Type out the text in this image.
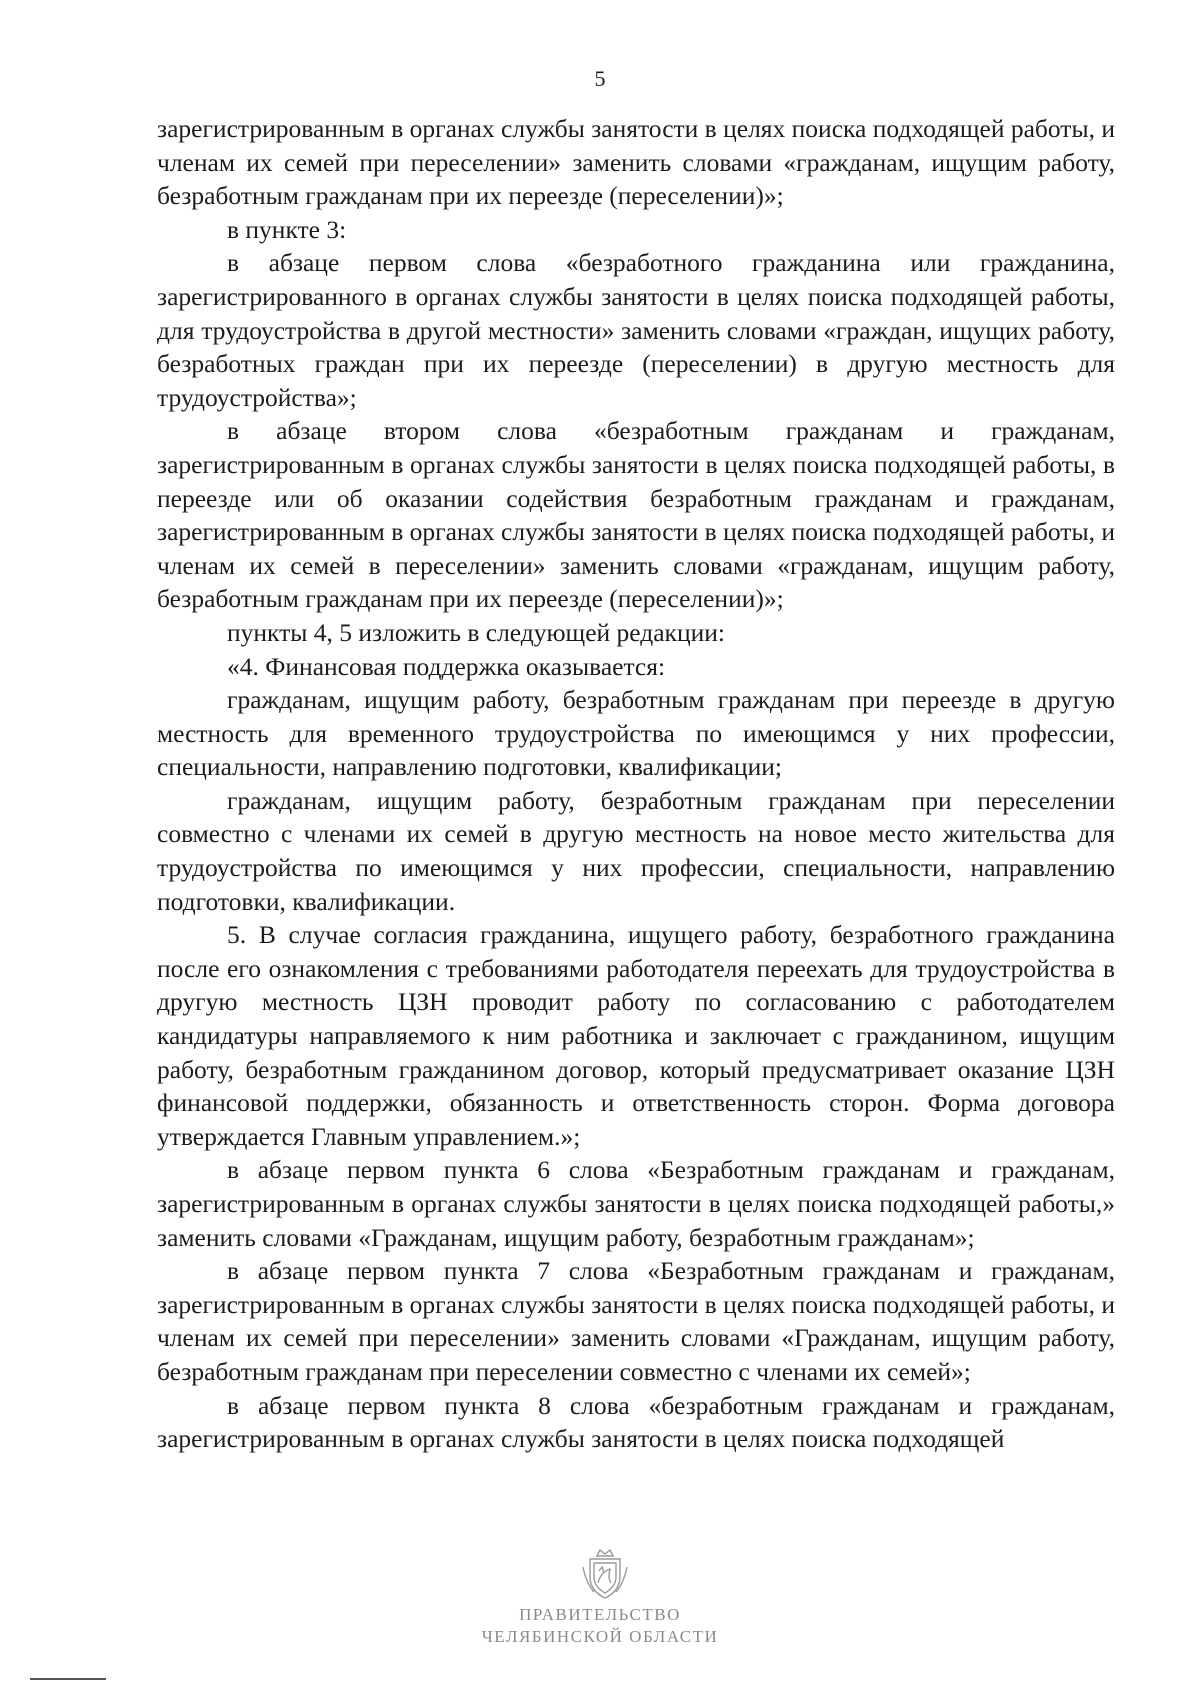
5

зарегистрированным в органах службы занятости в целях поиска подходящей работы, и членам их семей при переселении» заменить словами «гражданам, ищущим работу, безработным гражданам при их переезде (переселении)»;

в пункте 3:

в абзаце первом слова «безработного гражданина или гражданина, зарегистрированного в органах службы занятости в целях поиска подходящей работы, для трудоустройства в другой местности» заменить словами «граждан, ищущих работу, безработных граждан при их переезде (переселении) в другую местность для трудоустройства»;

в абзаце втором слова «безработным гражданам и гражданам, зарегистрированным в органах службы занятости в целях поиска подходящей работы, в переезде или об оказании содействия безработным гражданам и гражданам, зарегистрированным в органах службы занятости в целях поиска подходящей работы, и членам их семей в переселении» заменить словами «гражданам, ищущим работу, безработным гражданам при их переезде (переселении)»;

пункты 4, 5 изложить в следующей редакции:

«4. Финансовая поддержка оказывается:

гражданам, ищущим работу, безработным гражданам при переезде в другую местность для временного трудоустройства по имеющимся у них профессии, специальности, направлению подготовки, квалификации;

гражданам, ищущим работу, безработным гражданам при переселении совместно с членами их семей в другую местность на новое место жительства для трудоустройства по имеющимся у них профессии, специальности, направлению подготовки, квалификации.

5. В случае согласия гражданина, ищущего работу, безработного гражданина после его ознакомления с требованиями работодателя переехать для трудоустройства в другую местность ЦЗН проводит работу по согласованию с работодателем кандидатуры направляемого к ним работника и заключает с гражданином, ищущим работу, безработным гражданином договор, который предусматривает оказание ЦЗН финансовой поддержки, обязанность и ответственность сторон. Форма договора утверждается Главным управлением.»;

в абзаце первом пункта 6 слова «Безработным гражданам и гражданам, зарегистрированным в органах службы занятости в целях поиска подходящей работы,» заменить словами «Гражданам, ищущим работу, безработным гражданам»;

в абзаце первом пункта 7 слова «Безработным гражданам и гражданам, зарегистрированным в органах службы занятости в целях поиска подходящей работы, и членам их семей при переселении» заменить словами «Гражданам, ищущим работу, безработным гражданам при переселении совместно с членами их семей»;

в абзаце первом пункта 8 слова «безработным гражданам и гражданам, зарегистрированным в органах службы занятости в целях поиска подходящей

ПРАВИТЕЛЬСТВО
ЧЕЛЯБИНСКОЙ ОБЛАСТИ
